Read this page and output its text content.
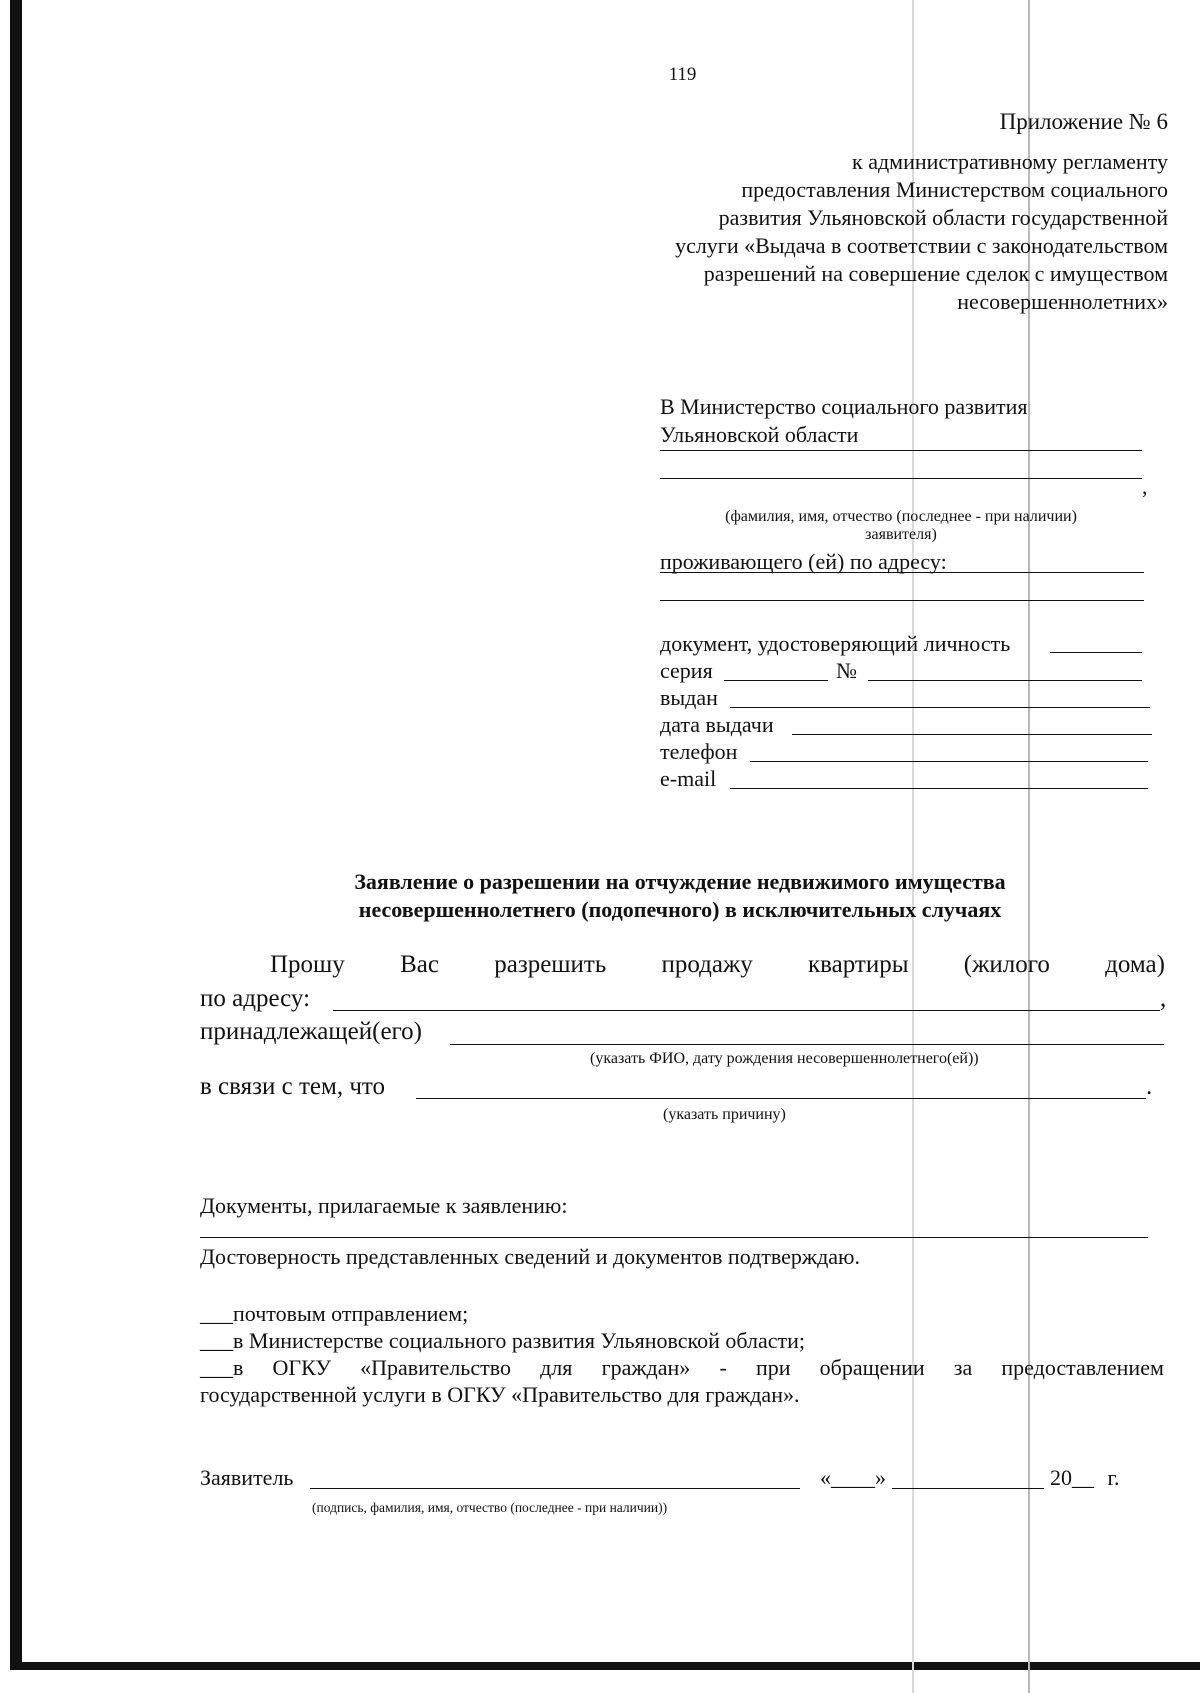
119
Приложение № 6
к административному регламенту
предоставления Министерством социального
развития Ульяновской области государственной
услуги «Выдача в соответствии с законодательством
разрешений на совершение сделок с имуществом
несовершеннолетних»
В Министерство социального развития
Ульяновской области
,
(фамилия, имя, отчество (последнее - при наличии)
заявителя)
проживающего (ей) по адресу:
документ, удостоверяющий личность
серия	№
выдан
дата выдачи
телефон
e-mail
Заявление о разрешении на отчуждение недвижимого имущества
несовершеннолетнего (подопечного) в исключительных случаях
Прошу Вас разрешить продажу квартиры (жилого дома)
по адресу:	,
принадлежащей(его)
(указать ФИО, дату рождения несовершеннолетнего(ей))
в связи с тем, что	.
(указать причину)
Документы, прилагаемые к заявлению:
Достоверность представленных сведений и документов подтверждаю.
___почтовым отправлением;
___в Министерстве социального развития Ульяновской области;
___в ОГКУ «Правительство для граждан» - при обращении за предоставлением
государственной услуги в ОГКУ «Правительство для граждан».
Заявитель	«____»	20__ г.
(подпись, фамилия, имя, отчество (последнее - при наличии))
